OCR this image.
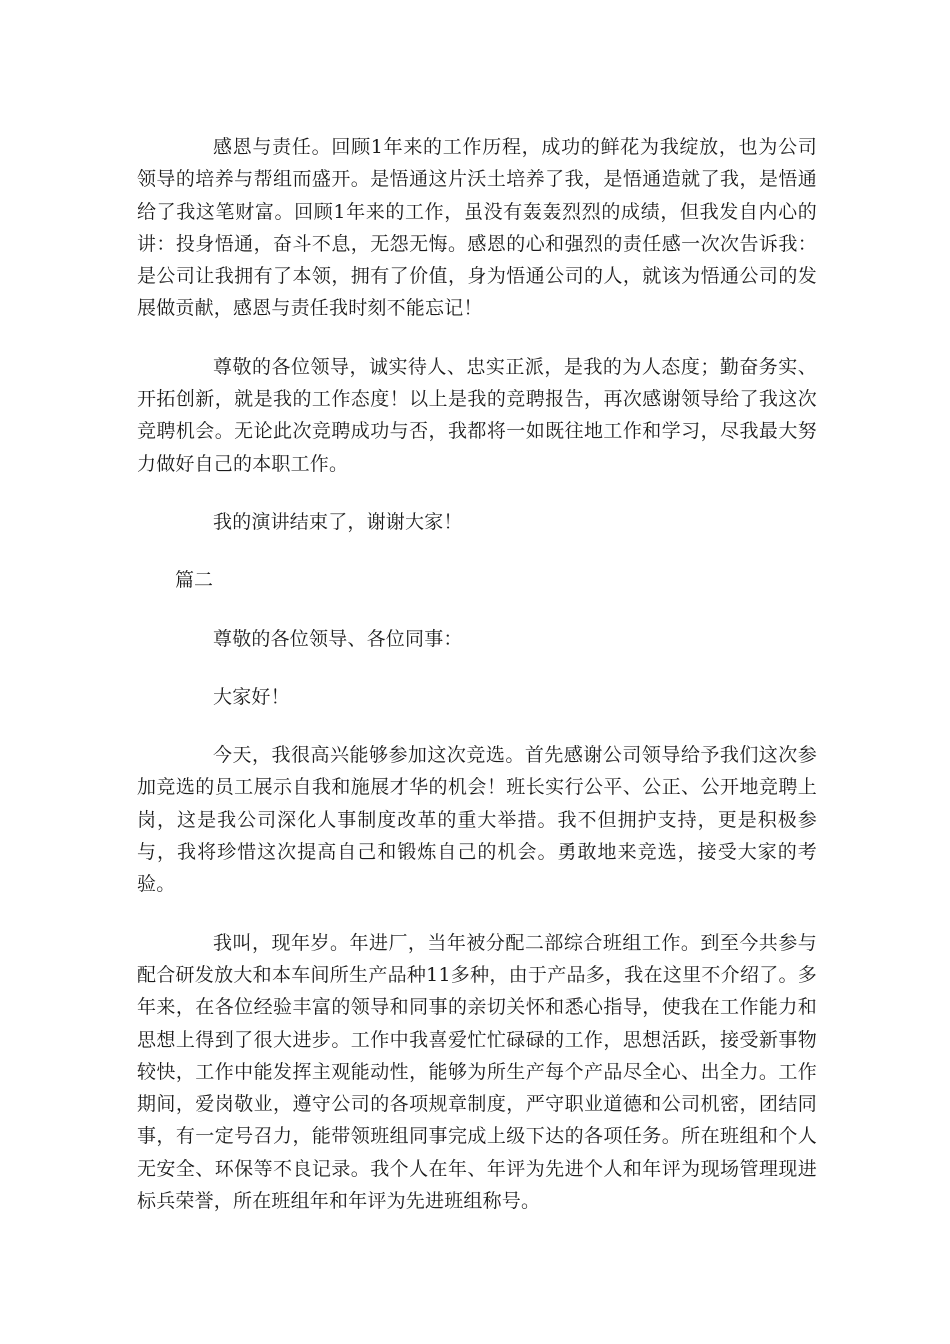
感恩与责任。回顾1年来的工作历程，成功的鲜花为我绽放，也为公司领导的培养与帮组而盛开。是悟通这片沃土培养了我，是悟通造就了我，是悟通给了我这笔财富。回顾1年来的工作，虽没有轰轰烈烈的成绩，但我发自内心的讲：投身悟通，奋斗不息，无怨无悔。感恩的心和强烈的责任感一次次告诉我：是公司让我拥有了本领，拥有了价值，身为悟通公司的人，就该为悟通公司的发展做贡献，感恩与责任我时刻不能忘记！

尊敬的各位领导，诚实待人、忠实正派，是我的为人态度；勤奋务实、开拓创新，就是我的工作态度！以上是我的竞聘报告，再次感谢领导给了我这次竞聘机会。无论此次竞聘成功与否，我都将一如既往地工作和学习，尽我最大努力做好自己的本职工作。

我的演讲结束了，谢谢大家！

篇二

尊敬的各位领导、各位同事：

大家好！

今天，我很高兴能够参加这次竞选。首先感谢公司领导给予我们这次参加竞选的员工展示自我和施展才华的机会！班长实行公平、公正、公开地竞聘上岗，这是我公司深化人事制度改革的重大举措。我不但拥护支持，更是积极参与，我将珍惜这次提高自己和锻炼自己的机会。勇敢地来竞选，接受大家的考验。

我叫，现年岁。年进厂，当年被分配二部综合班组工作。到至今共参与配合研发放大和本车间所生产品种11多种，由于产品多，我在这里不介绍了。多年来，在各位经验丰富的领导和同事的亲切关怀和悉心指导，使我在工作能力和思想上得到了很大进步。工作中我喜爱忙忙碌碌的工作，思想活跃，接受新事物较快，工作中能发挥主观能动性，能够为所生产每个产品尽全心、出全力。工作期间，爱岗敬业，遵守公司的各项规章制度，严守职业道德和公司机密，团结同事，有一定号召力，能带领班组同事完成上级下达的各项任务。所在班组和个人无安全、环保等不良记录。我个人在年、年评为先进个人和年评为现场管理现进标兵荣誉，所在班组年和年评为先进班组称号。
